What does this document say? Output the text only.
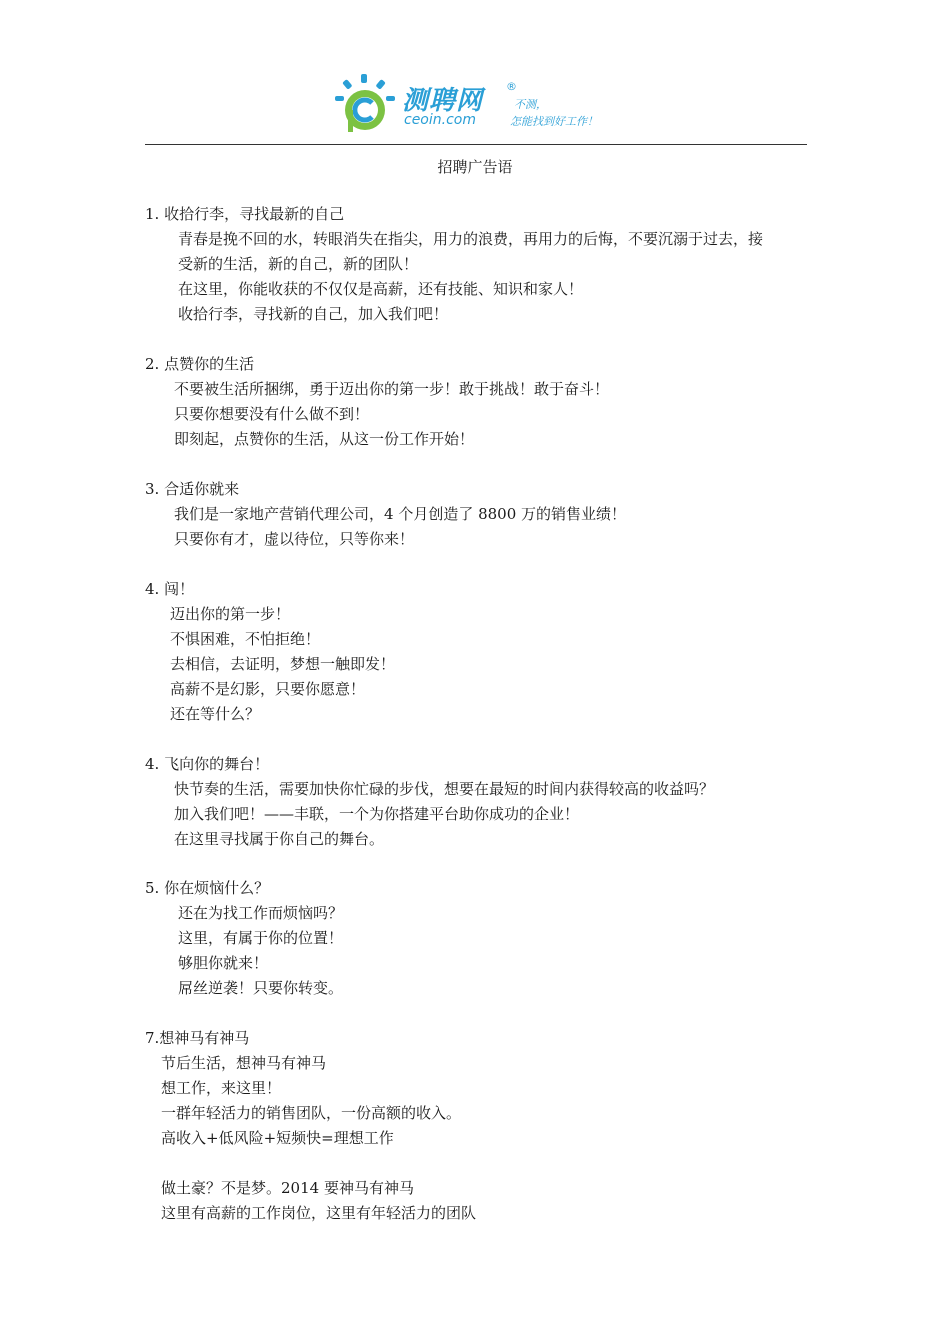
测聘网 ®
不测，
ceoin.com	怎能找到好工作！
招聘广告语
1. 收拾行李，寻找最新的自己
青春是挽不回的水，转眼消失在指尖，用力的浪费，再用力的后悔，不要沉溺于过去，接
受新的生活，新的自己，新的团队！
在这里，你能收获的不仅仅是高薪，还有技能、知识和家人！
收拾行李，寻找新的自己，加入我们吧！
2. 点赞你的生活
不要被生活所捆绑，勇于迈出你的第一步！敢于挑战！敢于奋斗！
只要你想要没有什么做不到！
即刻起，点赞你的生活，从这一份工作开始！
3. 合适你就来
我们是一家地产营销代理公司，4 个月创造了 8800 万的销售业绩！
只要你有才，虚以待位，只等你来！
4. 闯！
迈出你的第一步！
不惧困难，不怕拒绝！
去相信，去证明，梦想一触即发！
高薪不是幻影，只要你愿意！
还在等什么？
4. 飞向你的舞台！
快节奏的生活，需要加快你忙碌的步伐，想要在最短的时间内获得较高的收益吗？
加入我们吧！——丰联，一个为你搭建平台助你成功的企业！
在这里寻找属于你自己的舞台。
5. 你在烦恼什么？
还在为找工作而烦恼吗？
这里，有属于你的位置！
够胆你就来！
屌丝逆袭！只要你转变。
7.想神马有神马
节后生活，想神马有神马
想工作，来这里！
一群年轻活力的销售团队，一份高额的收入。
高收入+低风险+短频快=理想工作
做土豪？不是梦。2014 要神马有神马
这里有高薪的工作岗位，这里有年轻活力的团队
